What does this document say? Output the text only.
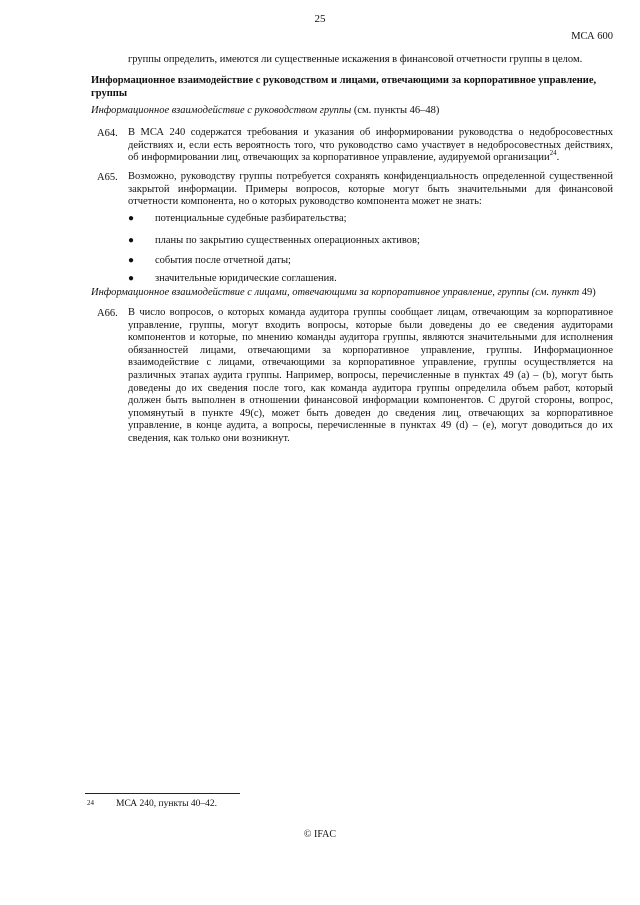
25
МСА 600
группы определить, имеются ли существенные искажения в финансовой отчетности группы в целом.
Информационное взаимодействие с руководством и лицами, отвечающими за корпоративное управление, группы
Информационное взаимодействие с руководством группы (см. пункты 46–48)
A64. В МСА 240 содержатся требования и указания об информировании руководства о недобросовестных действиях и, если есть вероятность того, что руководство само участвует в недобросовестных действиях, об информировании лиц, отвечающих за корпоративное управление, аудируемой организации$^{24}$.
A65. Возможно, руководству группы потребуется сохранять конфиденциальность определенной существенной закрытой информации. Примеры вопросов, которые могут быть значительными для финансовой отчетности компонента, но о которых руководство компонента может не знать:
● потенциальные судебные разбирательства;
● планы по закрытию существенных операционных активов;
● события после отчетной даты;
● значительные юридические соглашения.
Информационное взаимодействие с лицами, отвечающими за корпоративное управление, группы (см. пункт 49)
A66. В число вопросов, о которых команда аудитора группы сообщает лицам, отвечающим за корпоративное управление, группы, могут входить вопросы, которые были доведены до ее сведения аудиторами компонентов и которые, по мнению команды аудитора группы, являются значительными для исполнения обязанностей лицами, отвечающими за корпоративное управление, группы. Информационное взаимодействие с лицами, отвечающими за корпоративное управление, группы осуществляется на различных этапах аудита группы. Например, вопросы, перечисленные в пунктах 49 (a) – (b), могут быть доведены до их сведения после того, как команда аудитора группы определила объем работ, который должен быть выполнен в отношении финансовой информации компонентов. С другой стороны, вопрос, упомянутый в пункте 49(c), может быть доведен до сведения лиц, отвечающих за корпоративное управление, в конце аудита, а вопросы, перечисленные в пунктах 49 (d) – (e), могут доводиться до их сведения, как только они возникнут.
24 МСА 240, пункты 40–42.
© IFAC
